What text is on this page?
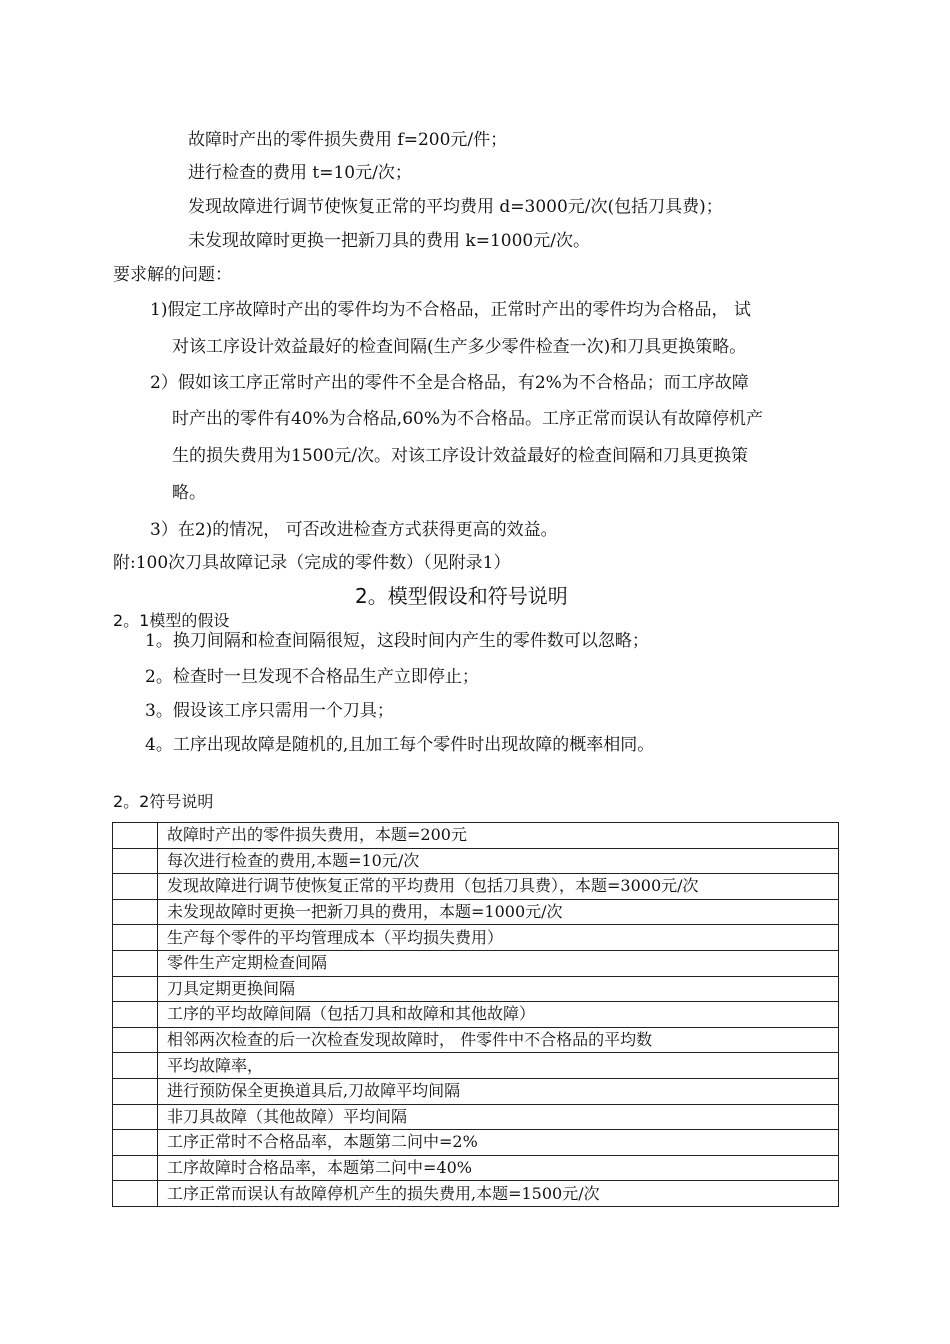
故障时产出的零件损失费用 f=200元/件；
进行检查的费用 t=10元/次；
发现故障进行调节使恢复正常的平均费用 d=3000元/次(包括刀具费)；
未发现故障时更换一把新刀具的费用 k=1000元/次。
要求解的问题：
1)假定工序故障时产出的零件均为不合格品，正常时产出的零件均为合格品， 试
对该工序设计效益最好的检查间隔(生产多少零件检查一次)和刀具更换策略。
2）假如该工序正常时产出的零件不全是合格品，有2%为不合格品；而工序故障
时产出的零件有40%为合格品,60%为不合格品。工序正常而误认有故障停机产
生的损失费用为1500元/次。对该工序设计效益最好的检查间隔和刀具更换策
略。
3）在2)的情况， 可否改进检查方式获得更高的效益。
附:100次刀具故障记录（完成的零件数）（见附录1）
2。模型假设和符号说明
2。1模型的假设
1。换刀间隔和检查间隔很短，这段时间内产生的零件数可以忽略；
2。检查时一旦发现不合格品生产立即停止；
3。假设该工序只需用一个刀具；
4。工序出现故障是随机的,且加工每个零件时出现故障的概率相同。
2。2符号说明
	故障时产出的零件损失费用，本题=200元
	每次进行检查的费用,本题=10元/次
	发现故障进行调节使恢复正常的平均费用（包括刀具费），本题=3000元/次
	未发现故障时更换一把新刀具的费用，本题=1000元/次
	生产每个零件的平均管理成本（平均损失费用）
	零件生产定期检查间隔
	刀具定期更换间隔
	工序的平均故障间隔（包括刀具和故障和其他故障）
	相邻两次检查的后一次检查发现故障时， 件零件中不合格品的平均数
	平均故障率，
	进行预防保全更换道具后,刀故障平均间隔
	非刀具故障（其他故障）平均间隔
	工序正常时不合格品率，本题第二问中=2%
	工序故障时合格品率，本题第二问中=40%
	工序正常而误认有故障停机产生的损失费用,本题=1500元/次
